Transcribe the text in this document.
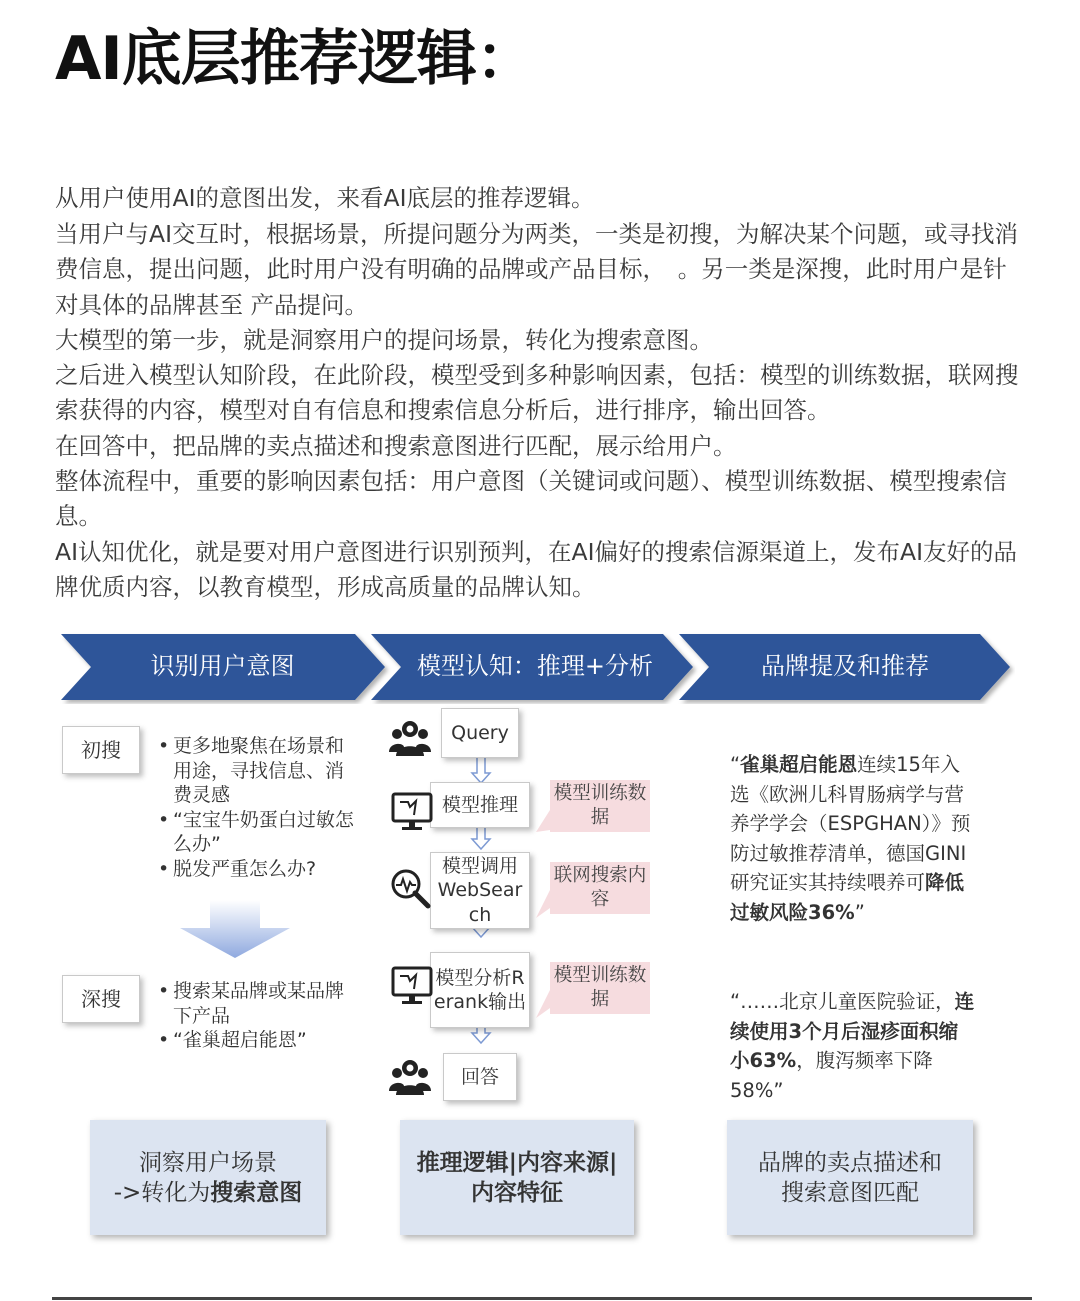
AI底层推荐逻辑：
从用户使用AI的意图出发，来看AI底层的推荐逻辑。
当用户与AI交互时，根据场景，所提问题分为两类，一类是初搜，为解决某个问题，或寻找消费信息，提出问题，此时用户没有明确的品牌或产品目标，　。另一类是深搜，此时用户是针对具体的品牌甚至 产品提问。
大模型的第一步，就是洞察用户的提问场景，转化为搜索意图。
之后进入模型认知阶段，在此阶段，模型受到多种影响因素，包括：模型的训练数据，联网搜索获得的内容，模型对自有信息和搜索信息分析后，进行排序，输出回答。
在回答中，把品牌的卖点描述和搜索意图进行匹配，展示给用户。
整体流程中，重要的影响因素包括：用户意图（关键词或问题）、模型训练数据、模型搜索信息。
AI认知优化，就是要对用户意图进行识别预判，在AI偏好的搜索信源渠道上，发布AI友好的品牌优质内容，以教育模型，形成高质量的品牌认知。
识别用户意图	模型认知：推理+分析	品牌提及和推荐
初搜	• 更多地聚焦在场景和用途，寻找信息、消费灵感
• “宝宝牛奶蛋白过敏怎么办”
• 脱发严重怎么办?
深搜	• 搜索某品牌或某品牌下产品
• “雀巢超启能恩”
Query
模型推理
模型调用WebSearch
模型分析Rerank输出
回答
模型训练数据
联网搜索内容
模型训练数据
“雀巢超启能恩连续15年入选《欧洲儿科胃肠病学与营养学学会（ESPGHAN）》预防过敏推荐清单，德国GINI研究证实其持续喂养可降低过敏风险36%”
“……北京儿童医院验证，连续使用3个月后湿疹面积缩小63%，腹泻频率下降58%”
洞察用户场景
->转化为搜索意图
推理逻辑|内容来源|
内容特征
品牌的卖点描述和搜索意图匹配
